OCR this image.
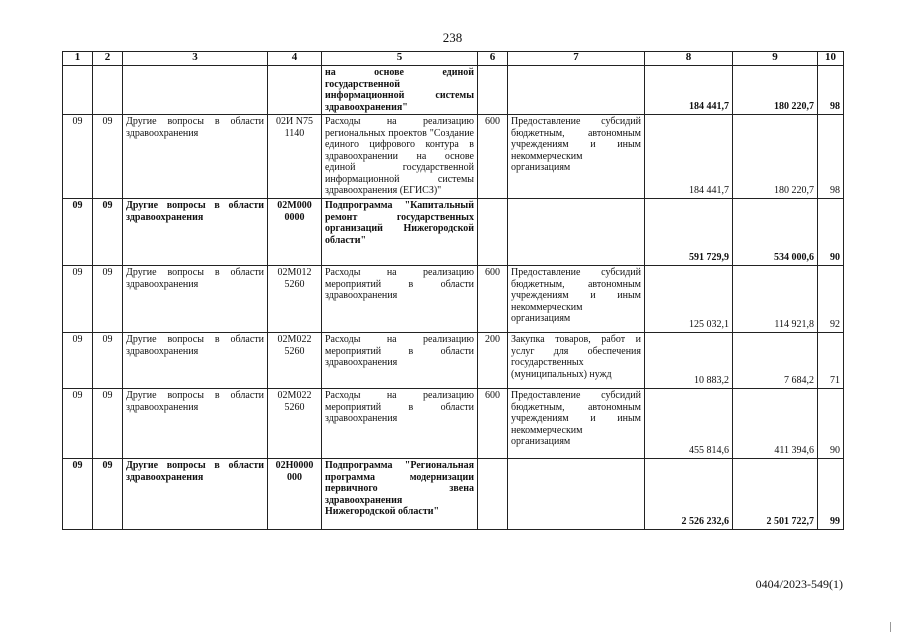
238
1	2	3	4	5	6	7	8	9	10
				на основе единой государственной информационной системы здравоохранения"			184 441,7	180 220,7	98
09	09	Другие вопросы в области здравоохранения	02И N75 1140	Расходы на реализацию региональных проектов "Создание единого цифрового контура в здравоохранении на основе единой государственной информационной системы здравоохранения (ЕГИСЗ)"	600	Предоставление субсидий бюджетным, автономным учреждениям и иным некоммерческим организациям	184 441,7	180 220,7	98
09	09	Другие вопросы в области здравоохранения	02М000 0000	Подпрограмма "Капитальный ремонт государственных организаций Нижегородской области"			591 729,9	534 000,6	90
09	09	Другие вопросы в области здравоохранения	02М012 5260	Расходы на реализацию мероприятий в области здравоохранения	600	Предоставление субсидий бюджетным, автономным учреждениям и иным некоммерческим организациям	125 032,1	114 921,8	92
09	09	Другие вопросы в области здравоохранения	02М022 5260	Расходы на реализацию мероприятий в области здравоохранения	200	Закупка товаров, работ и услуг для обеспечения государственных (муниципальных) нужд	10 883,2	7 684,2	71
09	09	Другие вопросы в области здравоохранения	02М022 5260	Расходы на реализацию мероприятий в области здравоохранения	600	Предоставление субсидий бюджетным, автономным учреждениям и иным некоммерческим организациям	455 814,6	411 394,6	90
09	09	Другие вопросы в области здравоохранения	02Н0000 000	Подпрограмма "Региональная программа модернизации первичного звена здравоохранения Нижегородской области"			2 526 232,6	2 501 722,7	99
0404/2023-549(1)
